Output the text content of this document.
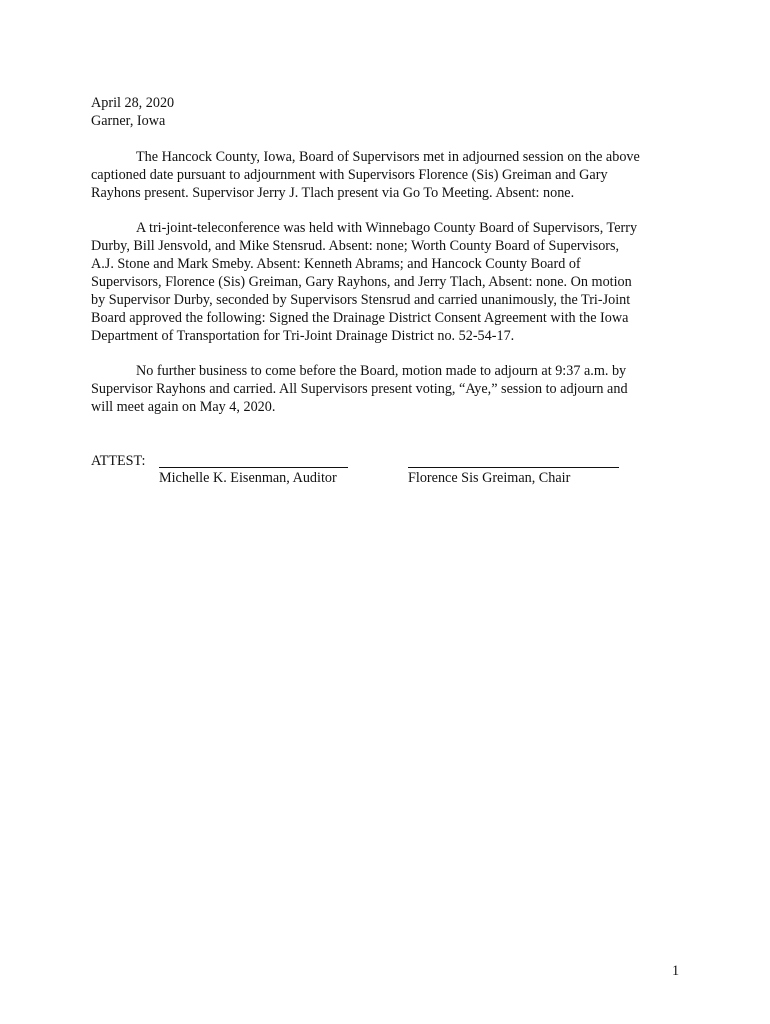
April 28, 2020
Garner, Iowa
The Hancock County, Iowa, Board of Supervisors met in adjourned session on the above
captioned date pursuant to adjournment with Supervisors Florence (Sis) Greiman and Gary
Rayhons present. Supervisor Jerry J. Tlach present via Go To Meeting. Absent: none.
A tri-joint-teleconference was held with Winnebago County Board of Supervisors, Terry
Durby, Bill Jensvold, and Mike Stensrud. Absent: none; Worth County Board of Supervisors,
A.J. Stone and Mark Smeby. Absent: Kenneth Abrams; and Hancock County Board of
Supervisors, Florence (Sis) Greiman, Gary Rayhons, and Jerry Tlach, Absent: none. On motion
by Supervisor Durby, seconded by Supervisors Stensrud and carried unanimously, the Tri-Joint
Board approved the following: Signed the Drainage District Consent Agreement with the Iowa
Department of Transportation for Tri-Joint Drainage District no. 52-54-17.
No further business to come before the Board, motion made to adjourn at 9:37 a.m. by
Supervisor Rayhons and carried. All Supervisors present voting, “Aye,” session to adjourn and
will meet again on May 4, 2020.
ATTEST:
Michelle K. Eisenman, Auditor	Florence Sis Greiman, Chair
1
